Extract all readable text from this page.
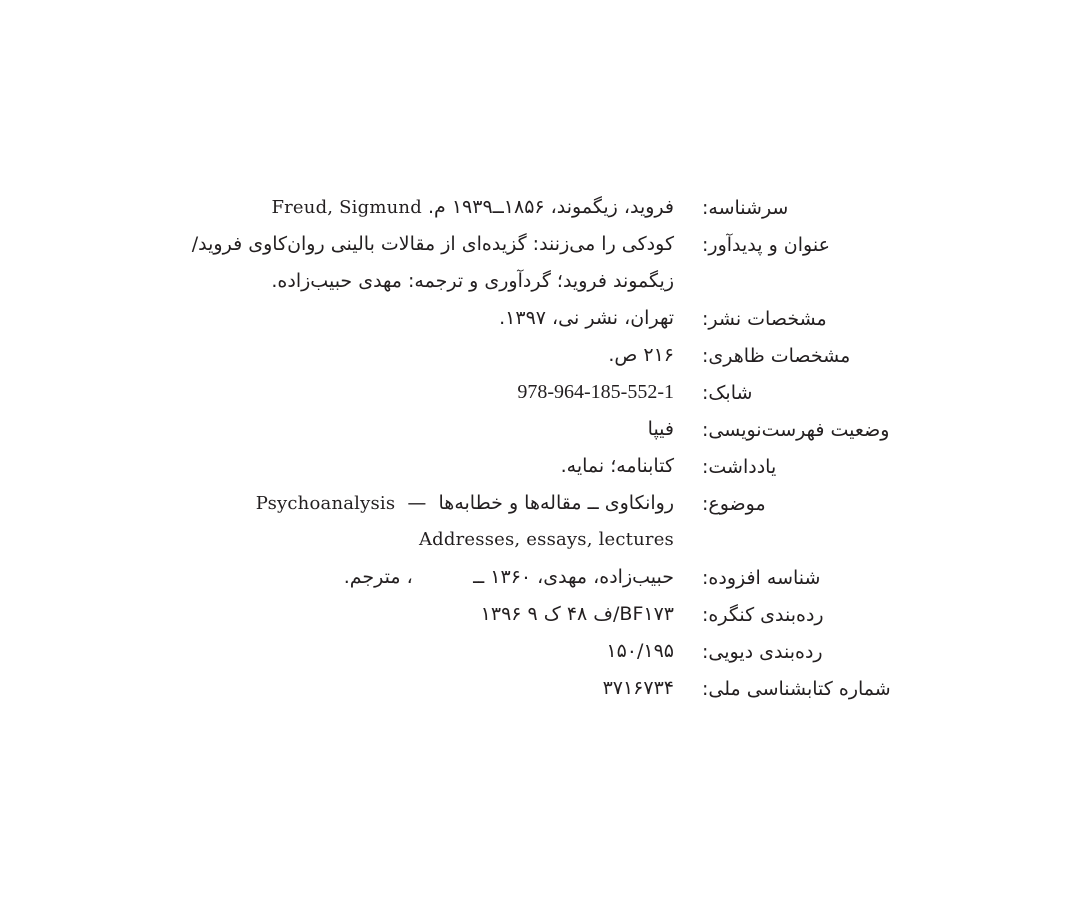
سرشناسه:
فروید، زیگموند، ۱۸۵۶ــ۱۹۳۹ م. Freud, Sigmund
عنوان و پدیدآور:
کودکی را می‌زنند: گزیده‌ای از مقالات بالینی روان‌کاوی فروید/
زیگموند فروید؛ گردآوری و ترجمه: مهدی حبیب‌زاده.
مشخصات نشر:
تهران، نشر نی، ۱۳۹۷.
مشخصات ظاهری:
۲۱۶ ص.
شابک:
978-964-185-552-1
وضعیت فهرست‌نویسی:
فیپا
یادداشت:
کتابنامه؛ نمایه.
موضوع:
روانکاوی ــ مقاله‌ها و خطابه‌ها  —  Psychoanalysis
Addresses, essays, lectures
شناسه افزوده:
حبیب‌زاده، مهدی، ۱۳۶۰ ــ          ، مترجم.
رده‌بندی کنگره:
BF۱۷۳/ف ۴۸ ک ۹ ۱۳۹۶
رده‌بندی دیویی:
۱۵۰/۱۹۵
شماره کتابشناسی ملی:
۳۷۱۶۷۳۴
